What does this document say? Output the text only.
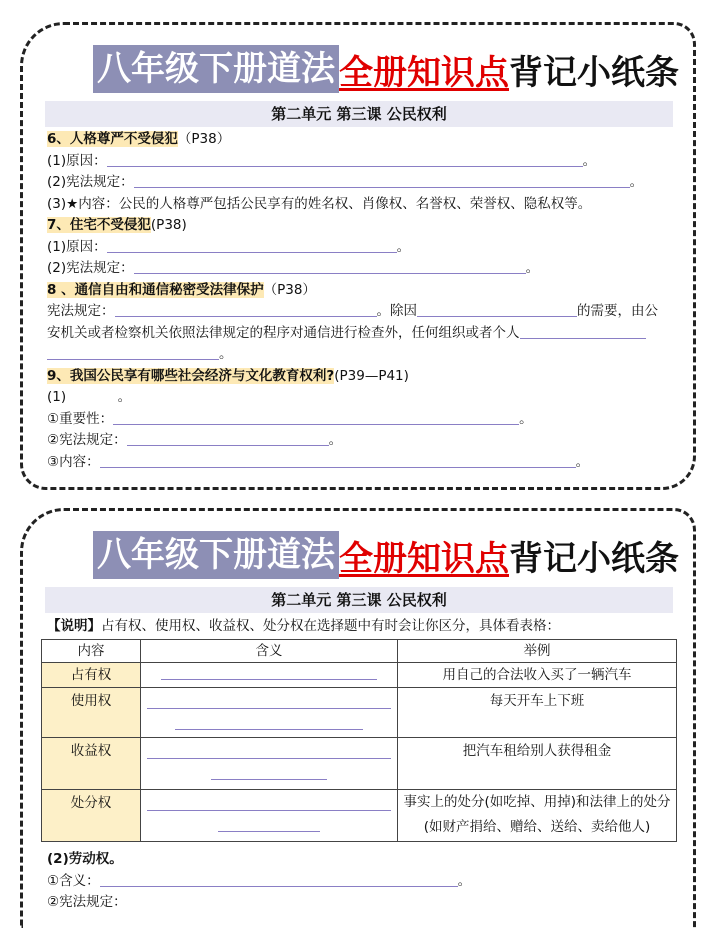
八年级下册道法 全册知识点 背记小纸条
第二单元 第三课 公民权利
6、人格尊严不受侵犯（P38）
(1)原因：	。
(2)宪法规定：	。
(3)★内容：公民的人格尊严包括公民享有的姓名权、肖像权、名誉权、荣誉权、隐私权等。
7、住宅不受侵犯(P38)
(1)原因：	。
(2)宪法规定：	。
8 、通信自由和通信秘密受法律保护（P38）
宪法规定：	。除因	的需要，由公
安机关或者检察机关依照法律规定的程序对通信进行检查外，任何组织或者个人
。
9、我国公民享有哪些社会经济与文化教育权利?(P39—P41)
(1)            。
①重要性：	。
②宪法规定：	。
③内容：	。
八年级下册道法 全册知识点 背记小纸条
第二单元 第三课 公民权利
【说明】占有权、使用权、收益权、处分权在选择题中有时会让你区分，具体看表格：
内容	含义	举例
占有权		用自己的合法收入买了一辆汽车
使用权		每天开车上下班
收益权		把汽车租给别人获得租金
处分权		事实上的处分(如吃掉、用掉)和法律上的处分(如财产捐给、赠给、送给、卖给他人)
(2)劳动权。
①含义：	。
②宪法规定：
